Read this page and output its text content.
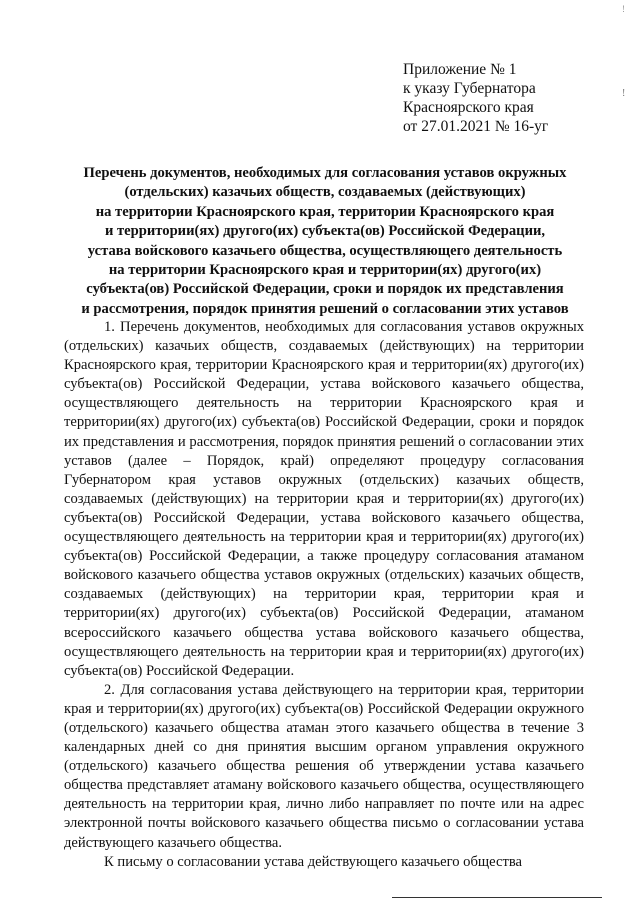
!
!
Приложение № 1
к указу Губернатора
Красноярского края
от 27.01.2021 № 16-уг
Перечень документов, необходимых для согласования уставов окружных
(отдельских) казачьих обществ, создаваемых (действующих)
на территории Красноярского края, территории Красноярского края
и территории(ях) другого(их) субъекта(ов) Российской Федерации,
устава войскового казачьего общества, осуществляющего деятельность
на территории Красноярского края и территории(ях) другого(их)
субъекта(ов) Российской Федерации, сроки и порядок их представления
и рассмотрения, порядок принятия решений о согласовании этих уставов

1. Перечень документов, необходимых для согласования уставов окружных (отдельских) казачьих обществ, создаваемых (действующих) на территории Красноярского края, территории Красноярского края и территории(ях) другого(их) субъекта(ов) Российской Федерации, устава войскового казачьего общества, осуществляющего деятельность на территории Красноярского края и территории(ях) другого(их) субъекта(ов) Российской Федерации, сроки и порядок их представления и рассмотрения, порядок принятия решений о согласовании этих уставов (далее – Порядок, край) определяют процедуру согласования Губернатором края уставов окружных (отдельских) казачьих обществ, создаваемых (действующих) на территории края и территории(ях) другого(их) субъекта(ов) Российской Федерации, устава войскового казачьего общества, осуществляющего деятельность на территории края и территории(ях) другого(их) субъекта(ов) Российской Федерации, а также процедуру согласования атаманом войскового казачьего общества уставов окружных (отдельских) казачьих обществ, создаваемых (действующих) на территории края, территории края и территории(ях) другого(их) субъекта(ов) Российской Федерации, атаманом всероссийского казачьего общества устава войскового казачьего общества, осуществляющего деятельность на территории края и территории(ях) другого(их) субъекта(ов) Российской Федерации.

2. Для согласования устава действующего на территории края, территории края и территории(ях) другого(их) субъекта(ов) Российской Федерации окружного (отдельского) казачьего общества атаман этого казачьего общества в течение 3 календарных дней со дня принятия высшим органом управления окружного (отдельского) казачьего общества решения об утверждении устава казачьего общества представляет атаману войскового казачьего общества, осуществляющего деятельность на территории края, лично либо направляет по почте или на адрес электронной почты войскового казачьего общества письмо о согласовании устава действующего казачьего общества.

К письму о согласовании устава действующего казачьего общества
